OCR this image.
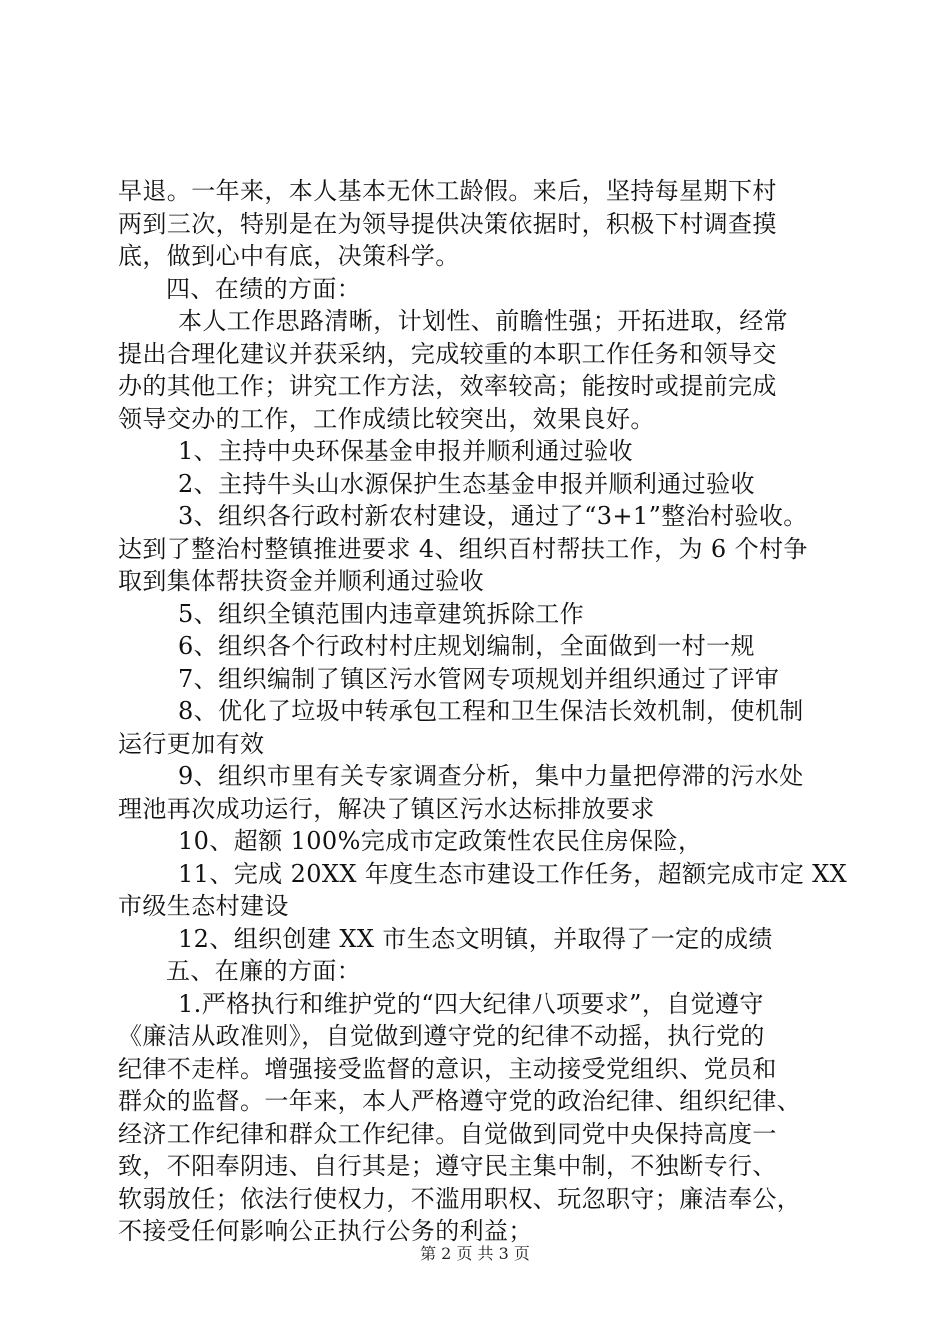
早退。一年来，本人基本无休工龄假。来后，坚持每星期下村
两到三次，特别是在为领导提供决策依据时，积极下村调查摸
底，做到心中有底，决策科学。
四、在绩的方面：
本人工作思路清晰，计划性、前瞻性强；开拓进取，经常
提出合理化建议并获采纳，完成较重的本职工作任务和领导交
办的其他工作；讲究工作方法，效率较高；能按时或提前完成
领导交办的工作，工作成绩比较突出，效果良好。
1、主持中央环保基金申报并顺利通过验收
2、主持牛头山水源保护生态基金申报并顺利通过验收
3、组织各行政村新农村建设，通过了“3+1”整治村验收。
达到了整治村整镇推进要求 4、组织百村帮扶工作，为 6 个村争
取到集体帮扶资金并顺利通过验收
5、组织全镇范围内违章建筑拆除工作
6、组织各个行政村村庄规划编制，全面做到一村一规
7、组织编制了镇区污水管网专项规划并组织通过了评审
8、优化了垃圾中转承包工程和卫生保洁长效机制，使机制
运行更加有效
9、组织市里有关专家调查分析，集中力量把停滞的污水处
理池再次成功运行，解决了镇区污水达标排放要求
10、超额 100%完成市定政策性农民住房保险，
11、完成 20XX 年度生态市建设工作任务，超额完成市定 XX
市级生态村建设
12、组织创建 XX 市生态文明镇，并取得了一定的成绩
五、在廉的方面：
1.严格执行和维护党的“四大纪律八项要求”，自觉遵守
《廉洁从政准则》，自觉做到遵守党的纪律不动摇，执行党的
纪律不走样。增强接受监督的意识，主动接受党组织、党员和
群众的监督。一年来，本人严格遵守党的政治纪律、组织纪律、
经济工作纪律和群众工作纪律。自觉做到同党中央保持高度一
致，不阳奉阴违、自行其是；遵守民主集中制，不独断专行、
软弱放任；依法行使权力，不滥用职权、玩忽职守；廉洁奉公，
不接受任何影响公正执行公务的利益；
第 2 页 共 3 页
